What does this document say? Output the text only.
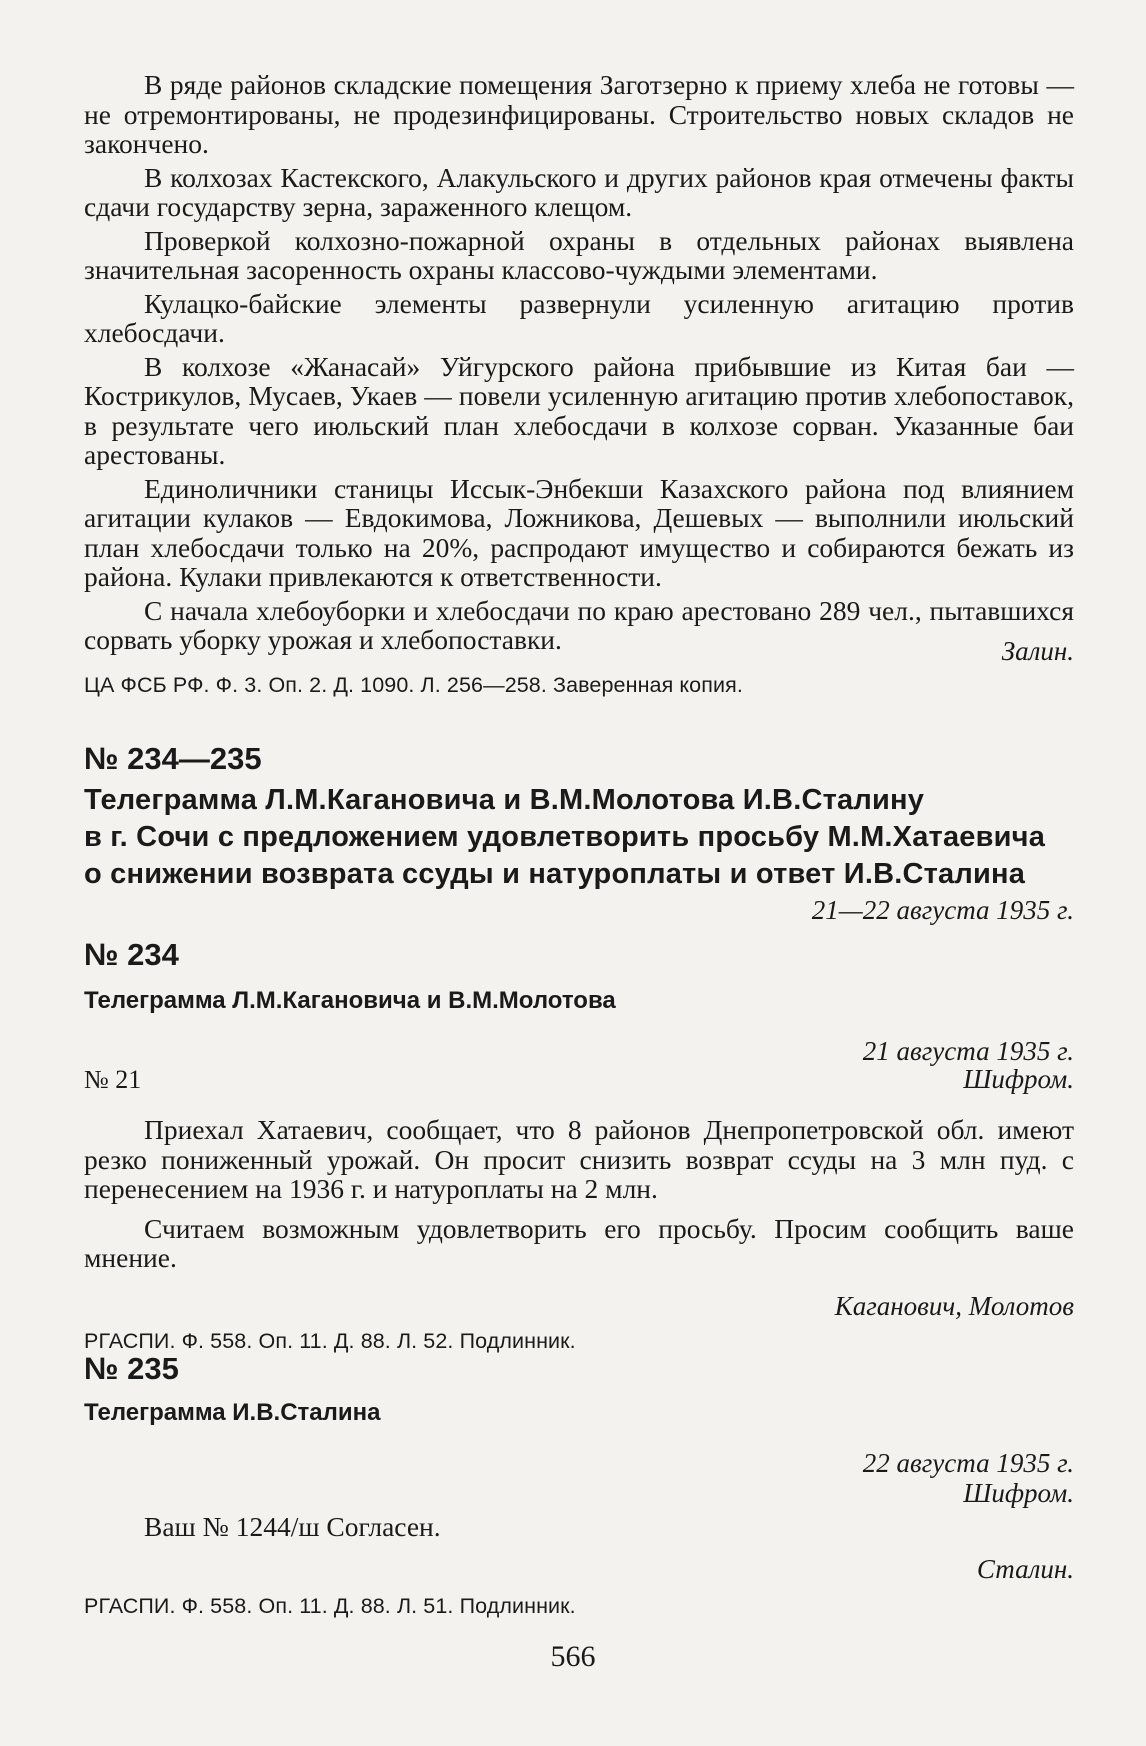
В ряде районов складские помещения Заготзерно к приему хлеба не готовы — не отремонтированы, не продезинфицированы. Строительство новых складов не закончено.

В колхозах Кастекского, Алакульского и других районов края отмечены факты сдачи государству зерна, зараженного клещом.

Проверкой колхозно-пожарной охраны в отдельных районах выявлена значительная засоренность охраны классово-чуждыми элементами.

Кулацко-байские элементы развернули усиленную агитацию против хлебосдачи.

В колхозе «Жанасай» Уйгурского района прибывшие из Китая баи — Кострикулов, Мусаев, Укаев — повели усиленную агитацию против хлебопоставок, в результате чего июльский план хлебосдачи в колхозе сорван. Указанные баи арестованы.

Единоличники станицы Иссык-Энбекши Казахского района под влиянием агитации кулаков — Евдокимова, Ложникова, Дешевых — выполнили июльский план хлебосдачи только на 20%, распродают имущество и собираются бежать из района. Кулаки привлекаются к ответственности.

С начала хлебоуборки и хлебосдачи по краю арестовано 289 чел., пытавшихся сорвать уборку урожая и хлебопоставки.	Залин.
ЦА ФСБ РФ. Ф. 3. Оп. 2. Д. 1090. Л. 256—258. Заверенная копия.
№ 234—235
Телеграмма Л.М.Кагановича и В.М.Молотова И.В.Сталину
в г. Сочи с предложением удовлетворить просьбу М.М.Хатаевича
о снижении возврата ссуды и натуроплаты и ответ И.В.Сталина
21—22 августа 1935 г.
№ 234
Телеграмма Л.М.Кагановича и В.М.Молотова
21 августа 1935 г.
№ 21	Шифром.

Приехал Хатаевич, сообщает, что 8 районов Днепропетровской обл. имеют резко пониженный урожай. Он просит снизить возврат ссуды на 3 млн пуд. с перенесением на 1936 г. и натуроплаты на 2 млн.

Считаем возможным удовлетворить его просьбу. Просим сообщить ваше мнение.

Каганович, Молотов
РГАСПИ. Ф. 558. Оп. 11. Д. 88. Л. 52. Подлинник.
№ 235
Телеграмма И.В.Сталина
22 августа 1935 г.
Шифром.

Ваш № 1244/ш Согласен.

Сталин.
РГАСПИ. Ф. 558. Оп. 11. Д. 88. Л. 51. Подлинник.
566
